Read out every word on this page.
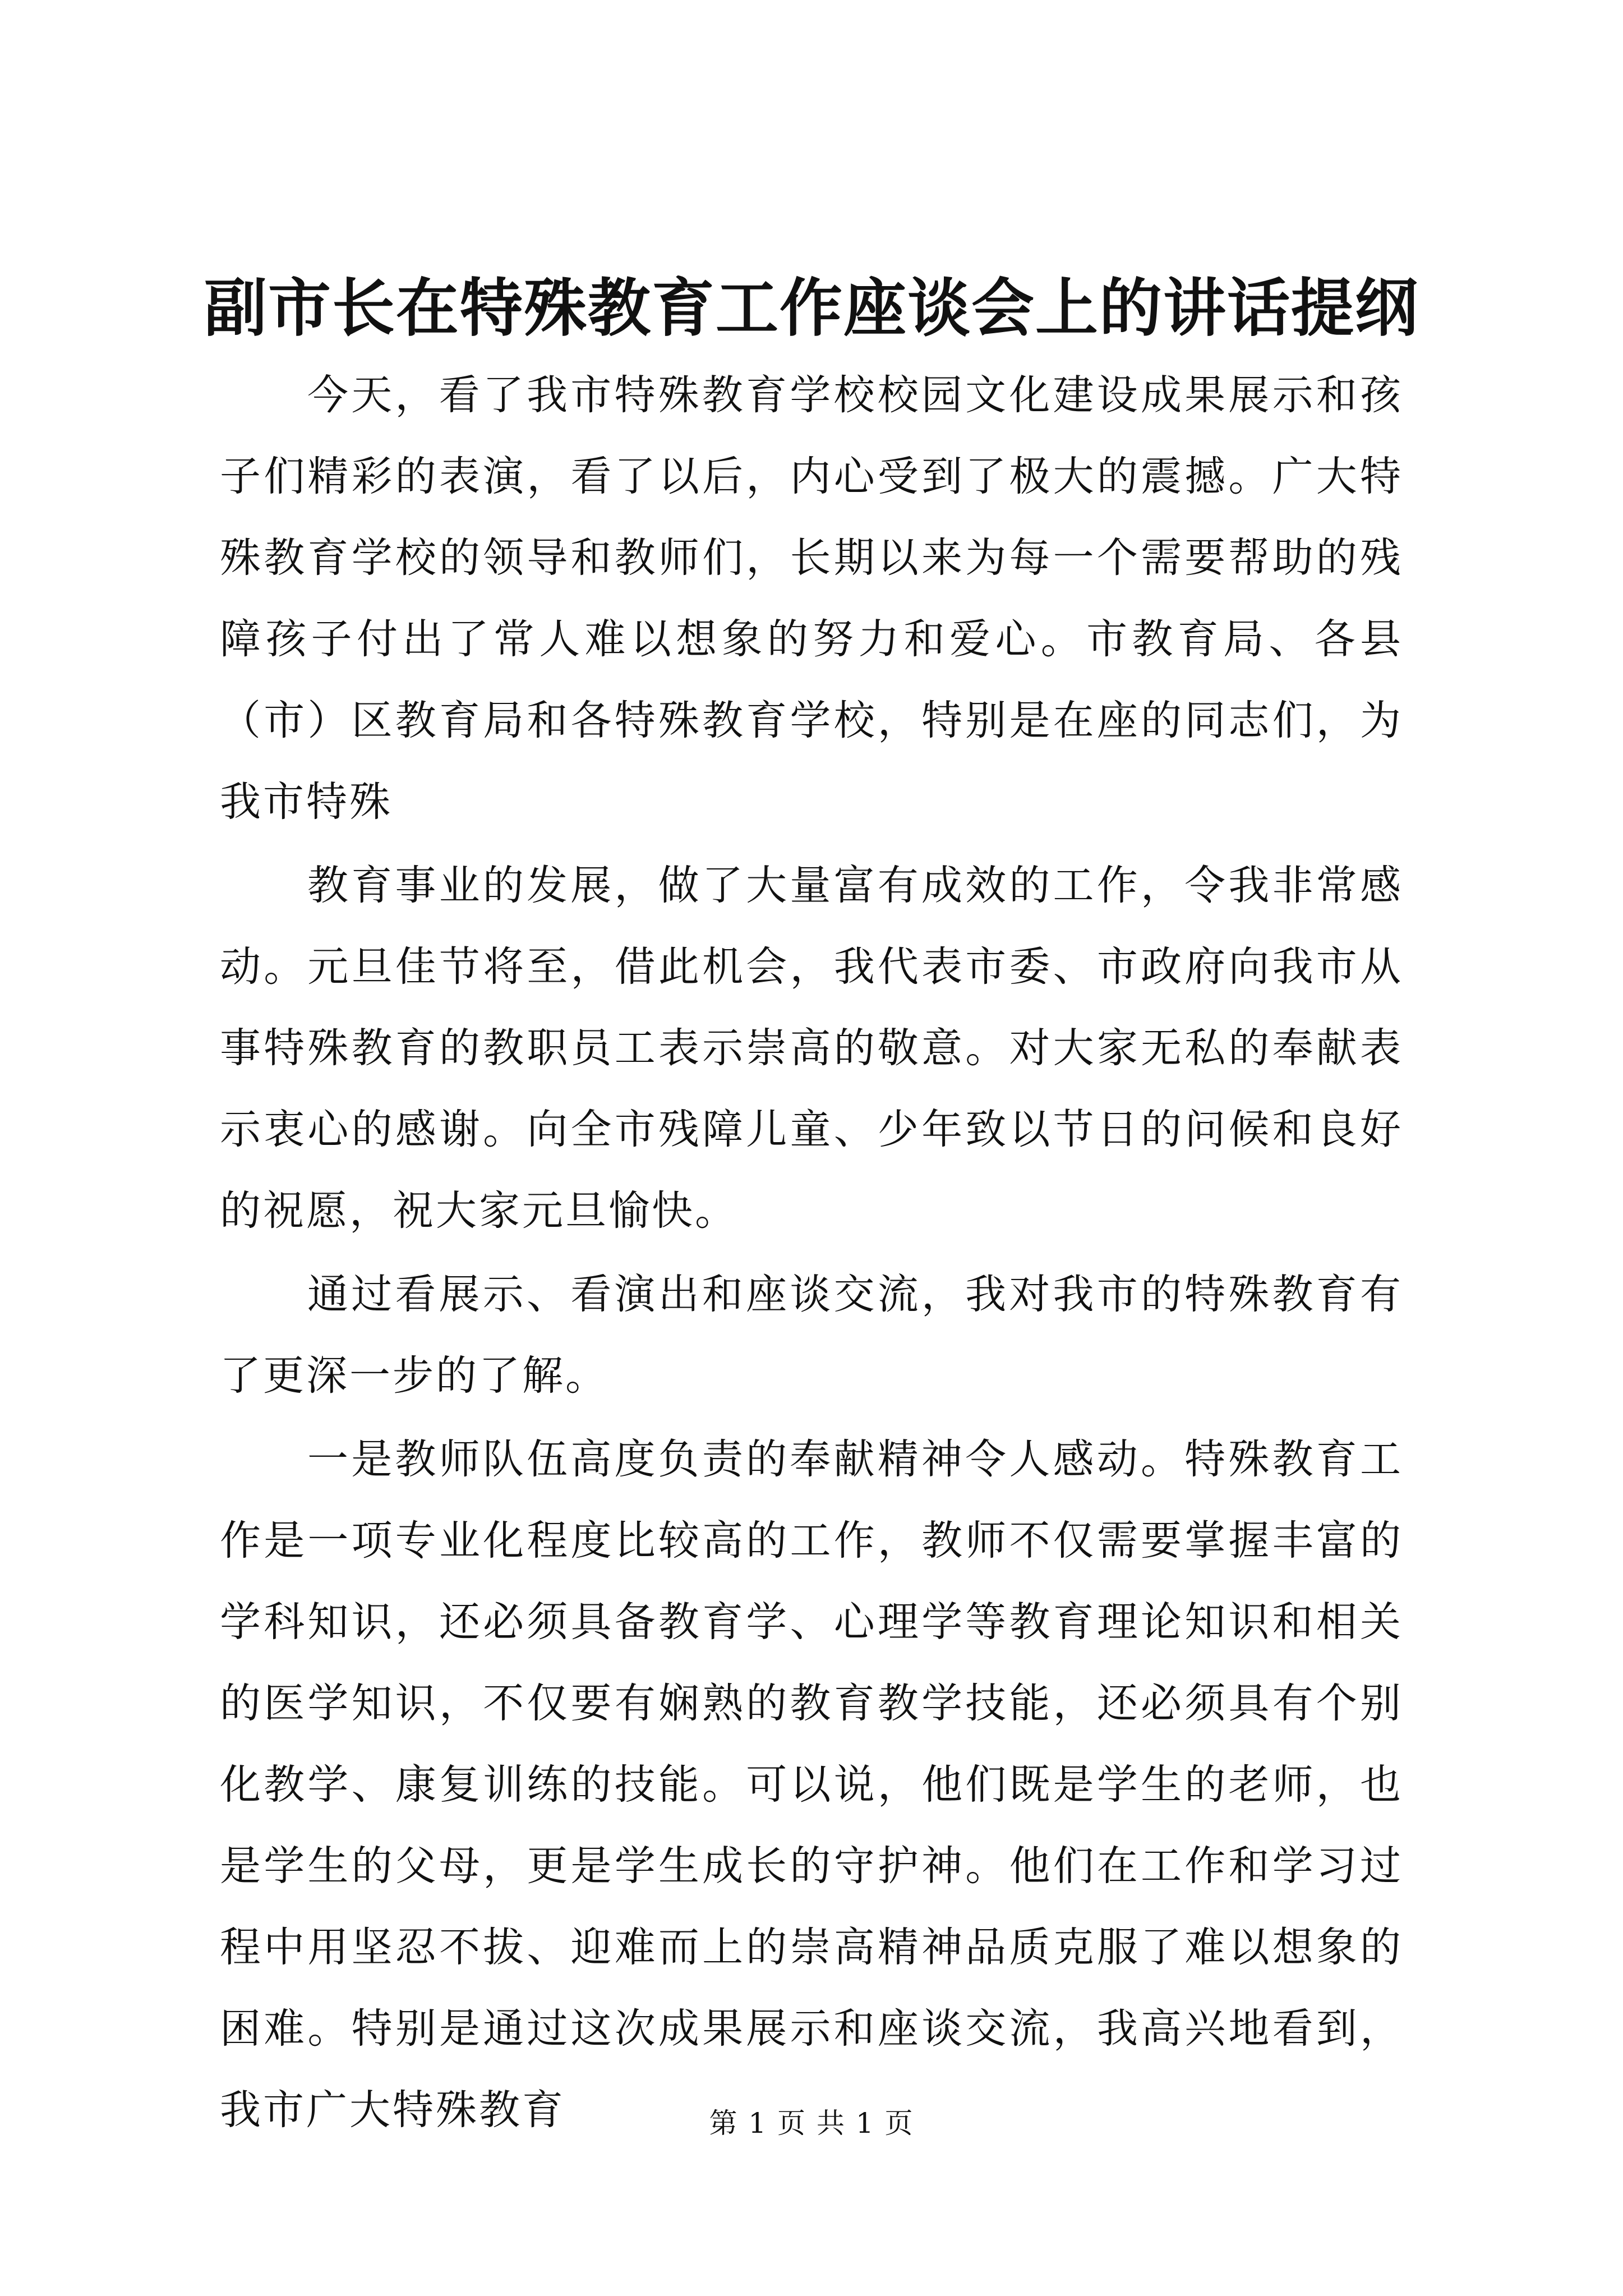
副市长在特殊教育工作座谈会上的讲话提纲

今天，看了我市特殊教育学校校园文化建设成果展示和孩子们精彩的表演，看了以后，内心受到了极大的震撼。广大特殊教育学校的领导和教师们，长期以来为每一个需要帮助的残障孩子付出了常人难以想象的努力和爱心。市教育局、各县（市）区教育局和各特殊教育学校，特别是在座的同志们，为我市特殊

教育事业的发展，做了大量富有成效的工作，令我非常感动。元旦佳节将至，借此机会，我代表市委、市政府向我市从事特殊教育的教职员工表示崇高的敬意。对大家无私的奉献表示衷心的感谢。向全市残障儿童、少年致以节日的问候和良好的祝愿，祝大家元旦愉快。

通过看展示、看演出和座谈交流，我对我市的特殊教育有了更深一步的了解。

一是教师队伍高度负责的奉献精神令人感动。特殊教育工作是一项专业化程度比较高的工作，教师不仅需要掌握丰富的学科知识，还必须具备教育学、心理学等教育理论知识和相关的医学知识，不仅要有娴熟的教育教学技能，还必须具有个别化教学、康复训练的技能。可以说，他们既是学生的老师，也是学生的父母，更是学生成长的守护神。他们在工作和学习过程中用坚忍不拔、迎难而上的崇高精神品质克服了难以想象的困难。特别是通过这次成果展示和座谈交流，我高兴地看到，我市广大特殊教育	第 1 页 共 1 页
